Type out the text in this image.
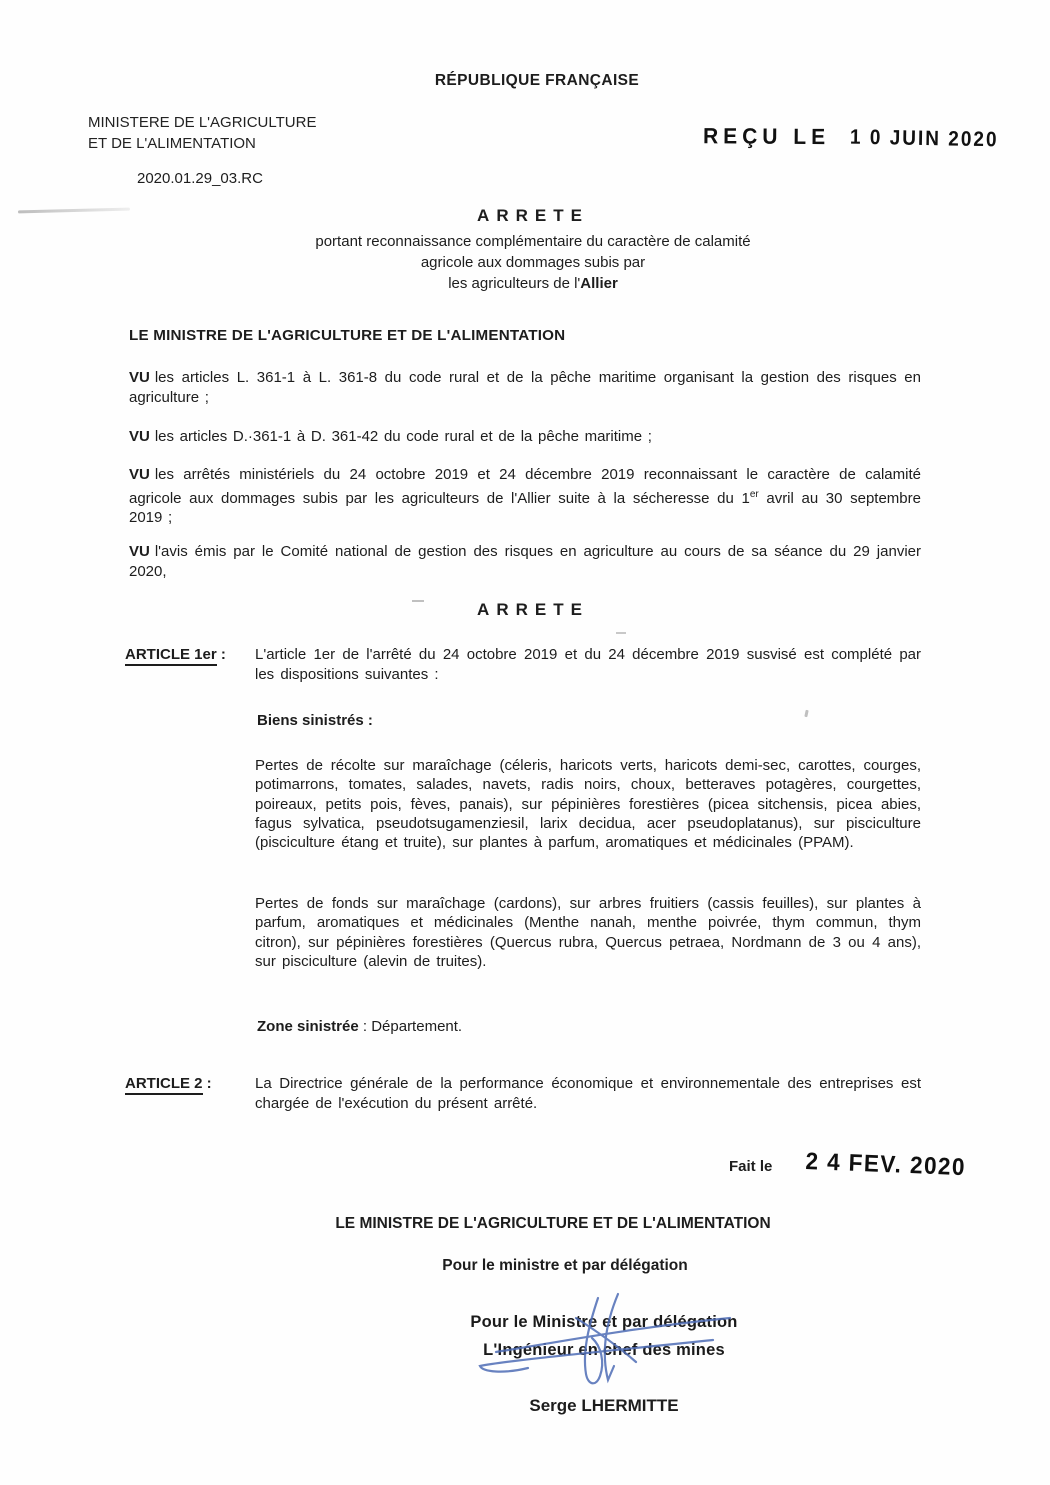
RÉPUBLIQUE FRANÇAISE
MINISTERE DE L'AGRICULTURE
ET DE L'ALIMENTATION	REÇU LE 1 0 JUIN 2020
2020.01.29_03.RC
ARRETE
portant reconnaissance complémentaire du caractère de calamité
agricole aux dommages subis par
les agriculteurs de l'Allier
LE MINISTRE DE L'AGRICULTURE ET DE L'ALIMENTATION

VU les articles L. 361-1 à L. 361-8 du code rural et de la pêche maritime organisant la gestion des risques en agriculture ;

VU les articles D.·361-1 à D. 361-42 du code rural et de la pêche maritime ;

VU les arrêtés ministériels du 24 octobre 2019 et 24 décembre 2019 reconnaissant le caractère de calamité agricole aux dommages subis par les agriculteurs de l'Allier suite à la sécheresse du 1er avril au 30 septembre 2019 ;

VU l'avis émis par le Comité national de gestion des risques en agriculture au cours de sa séance du 29 janvier 2020,

ARRETE
ARTICLE 1er :	L'article 1er de l'arrêté du 24 octobre 2019 et du 24 décembre 2019 susvisé est complété par les dispositions suivantes :

Biens sinistrés :

Pertes de récolte sur maraîchage (céleris, haricots verts, haricots demi-sec, carottes, courges, potimarrons, tomates, salades, navets, radis noirs, choux, betteraves potagères, courgettes, poireaux, petits pois, fèves, panais), sur pépinières forestières (picea sitchensis, picea abies, fagus sylvatica, pseudotsugamenziesil, larix decidua, acer pseudoplatanus), sur pisciculture (pisciculture étang et truite), sur plantes à parfum, aromatiques et médicinales (PPAM).

Pertes de fonds sur maraîchage (cardons), sur arbres fruitiers (cassis feuilles), sur plantes à parfum, aromatiques et médicinales (Menthe nanah, menthe poivrée, thym commun, thym citron), sur pépinières forestières (Quercus rubra, Quercus petraea, Nordmann de 3 ou 4 ans), sur pisciculture (alevin de truites).

Zone sinistrée : Département.
ARTICLE 2 :	La Directrice générale de la performance économique et environnementale des entreprises est chargée de l'exécution du présent arrêté.

Fait le 2 4 FEV. 2020
LE MINISTRE DE L'AGRICULTURE ET DE L'ALIMENTATION
Pour le ministre et par délégation
Pour le Ministre et par délégation
L'Ingénieur en chef des mines
Serge LHERMITTE
